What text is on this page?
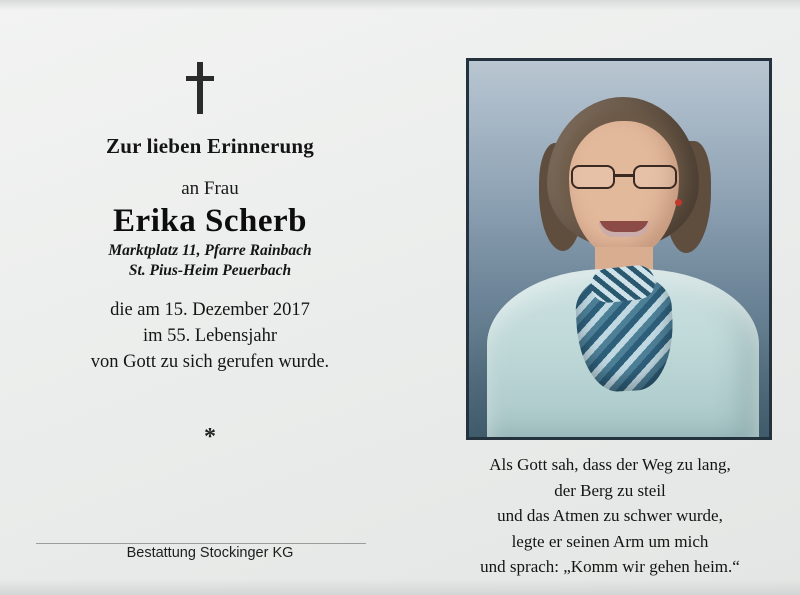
Zur lieben Erinnerung
an Frau
Erika Scherb
Marktplatz 11, Pfarre Rainbach
St. Pius-Heim Peuerbach
die am 15. Dezember 2017
im 55. Lebensjahr
von Gott zu sich gerufen wurde.
*
Bestattung Stockinger KG
Als Gott sah, dass der Weg zu lang,
der Berg zu steil
und das Atmen zu schwer wurde,
legte er seinen Arm um mich
und sprach: „Komm wir gehen heim.“
